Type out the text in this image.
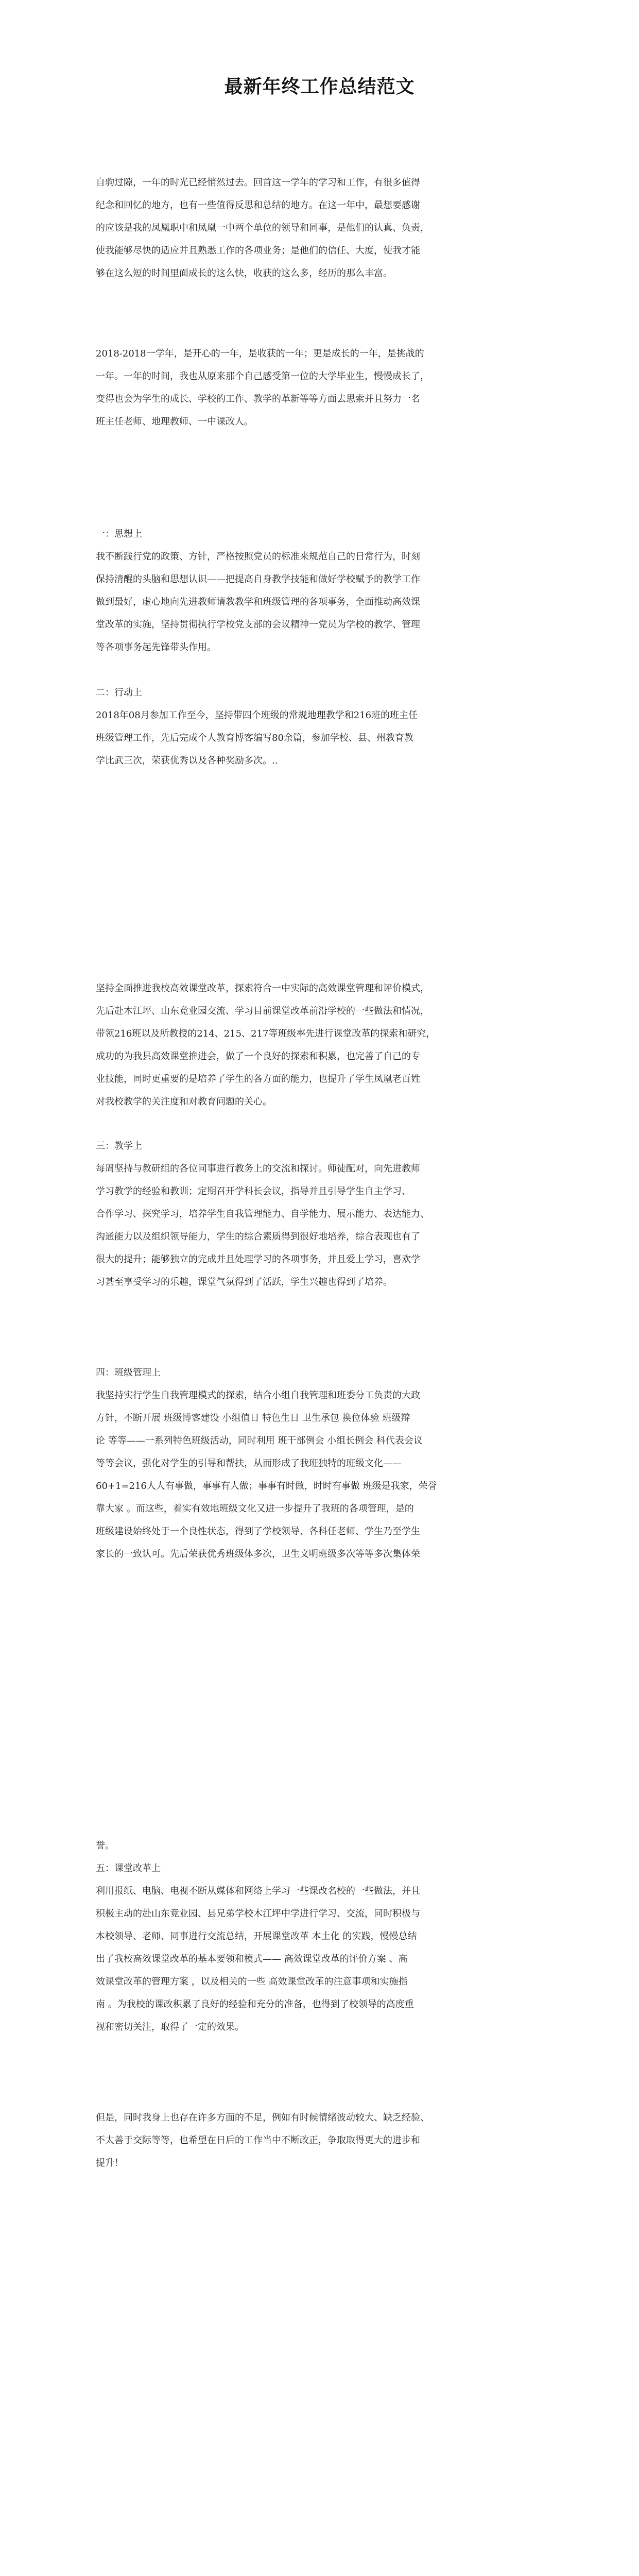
最新年终工作总结范文
自驹过隙，一年的时光已经悄然过去。回首这一学年的学习和工作，有很多值得
纪念和回忆的地方，也有一些值得反思和总结的地方。在这一年中，最想要感谢
的应该是我的凤凰职中和凤凰一中两个单位的领导和同事，是他们的认真、负责，
使我能够尽快的适应并且熟悉工作的各项业务；是他们的信任、大度，使我才能
够在这么短的时间里面成长的这么快，收获的这么多，经历的那么丰富。
2018-2018一学年，是开心的一年，是收获的一年；更是成长的一年，是挑战的
一年。一年的时间，我也从原来那个自己感受第一位的大学毕业生，慢慢成长了，
变得也会为学生的成长、学校的工作、教学的革新等等方面去思索并且努力一名
班主任老师、地理教师、一中课改人。
一：思想上
我不断践行党的政策、方针，严格按照党员的标准来规范自己的日常行为，时刻
保持清醒的头脑和思想认识——把提高自身教学技能和做好学校赋予的教学工作
做到最好，虚心地向先进教师请教教学和班级管理的各项事务，全面推动高效课
堂改革的实施，坚持贯彻执行学校党支部的会议精神一党员为学校的教学、管理
等各项事务起先锋带头作用。
二：行动上
2018年08月参加工作至今，坚持带四个班级的常规地理教学和216班的班主任
班级管理工作，先后完成个人教育博客编写80余篇，参加学校、县、州教育教
学比武三次，荣获优秀以及各种奖励多次。..
坚持全面推进我校高效课堂改革，探索符合一中实际的高效课堂管理和评价模式，
先后赴木江坪、山东竟业园交流、学习目前课堂改革前沿学校的一些做法和情况，
带领216班以及所教授的214、215、217等班级率先进行课堂改革的探索和研究，
成功的为我县高效课堂推进会，做了一个良好的探索和积累，也完善了自己的专
业技能，同时更重要的是培养了学生的各方面的能力，也提升了学生凤凰老百姓
对我校教学的关注度和对教育问题的关心。
三：教学上
每周坚持与教研组的各位同事进行教务上的交流和探讨。师徒配对，向先进教师
学习教学的经验和教训；定期召开学科长会议，指导并且引导学生自主学习、
合作学习、探究学习，培养学生自我管理能力、自学能力、展示能力、表达能力、
沟通能力以及组织领导能力，学生的综合素质得到很好地培养，综合表现也有了
很大的提升；能够独立的完成并且处理学习的各项事务，并且爱上学习，喜欢学
习甚至享受学习的乐趣，课堂气氛得到了活跃，学生兴趣也得到了培养。
四：班级管理上
我坚持实行学生自我管理模式的探索，结合小组自我管理和班委分工负责的大政
方针，不断开展 班级博客建设 小组值日 特色生日 卫生承包 换位体验 班级辩
论 等等——一系列特色班级活动，同时利用 班干部例会 小组长例会 科代表会议
等等会议，强化对学生的引导和帮扶，从而形成了我班独特的班级文化——
60+1=216人人有事做，事事有人做；事事有时做，时时有事做 班级是我家，荣誉
靠大家 。而这些，着实有效地班级文化又进一步提升了我班的各项管理，是的
班级建设始终处于一个良性状态，得到了学校领导、各科任老师、学生乃至学生
家长的一致认可。先后荣获优秀班级体多次，卫生文明班级多次等等多次集体荣
誉。
五：课堂改革上
利用报纸、电脑、电视不断从媒体和网络上学习一些课改名校的一些做法，并且
积极主动的赴山东竟业园、县兄弟学校木江坪中学进行学习、交流，同时积极与
本校领导、老师、同事进行交流总结，开展课堂改革 本土化 的实践，慢慢总结
出了我校高效课堂改革的基本要领和模式—— 高效课堂改革的评价方案 、高
效课堂改革的管理方案 ，以及相关的一些 高效课堂改革的注意事项和实施指
南 。为我校的课改积累了良好的经验和充分的准备，也得到了校领导的高度重
视和密切关注，取得了一定的效果。
但是，同时我身上也存在许多方面的不足，例如有时候情绪波动较大、缺乏经验、
不太善于交际等等，也希望在日后的工作当中不断改正，争取取得更大的进步和
提升！
